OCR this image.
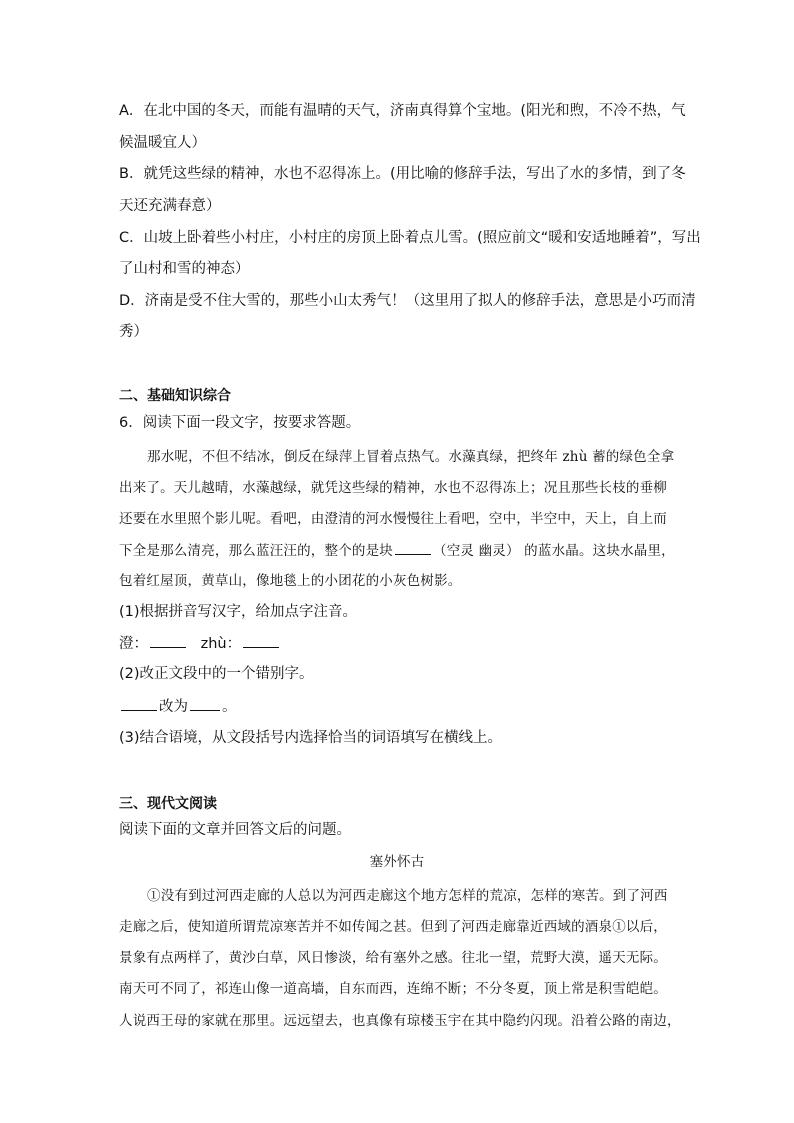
A．在北中国的冬天，而能有温晴的天气，济南真得算个宝地。(阳光和煦，不冷不热，气
候温暖宜人）
B．就凭这些绿的精神，水也不忍得冻上。(用比喻的修辞手法，写出了水的多情，到了冬
天还充满春意）
C．山坡上卧着些小村庄，小村庄的房顶上卧着点儿雪。(照应前文“暖和安适地睡着”，写出
了山村和雪的神态）
D．济南是受不住大雪的，那些小山太秀气！（这里用了拟人的修辞手法，意思是小巧而清
秀）
二、基础知识综合
6．阅读下面一段文字，按要求答题。
那水呢，不但不结冰，倒反在绿萍上冒着点热气。水藻真绿，把终年 zhù 蓄的绿色全拿
出来了。天儿越晴，水藻越绿，就凭这些绿的精神，水也不忍得冻上；况且那些长枝的垂柳
还要在水里照个影儿呢。看吧，由澄清的河水慢慢往上看吧，空中，半空中，天上，自上而
下全是那么清亮，那么蓝汪汪的，整个的是块	（空灵 幽灵） 的蓝水晶。这块水晶里，
包着红屋顶，黄草山，像地毯上的小团花的小灰色树影。
(1)根据拼音写汉字，给加点字注音。
澄：	zhù：
(2)改正文段中的一个错别字。
改为 。
(3)结合语境，从文段括号内选择恰当的词语填写在横线上。
三、现代文阅读
阅读下面的文章并回答文后的问题。
塞外怀古
①没有到过河西走廊的人总以为河西走廊这个地方怎样的荒凉，怎样的寒苦。到了河西
走廊之后，使知道所谓荒凉寒苦并不如传闻之甚。但到了河西走廊靠近西域的酒泉①以后，
景象有点两样了，黄沙白草，风日惨淡，给有塞外之感。往北一望，荒野大漠，遥天无际。
南天可不同了，祁连山像一道高墙，自东而西，连绵不断；不分冬夏，顶上常是积雪皑皑。
人说西王母的家就在那里。远远望去，也真像有琼楼玉宇在其中隐约闪现。沿着公路的南边，
